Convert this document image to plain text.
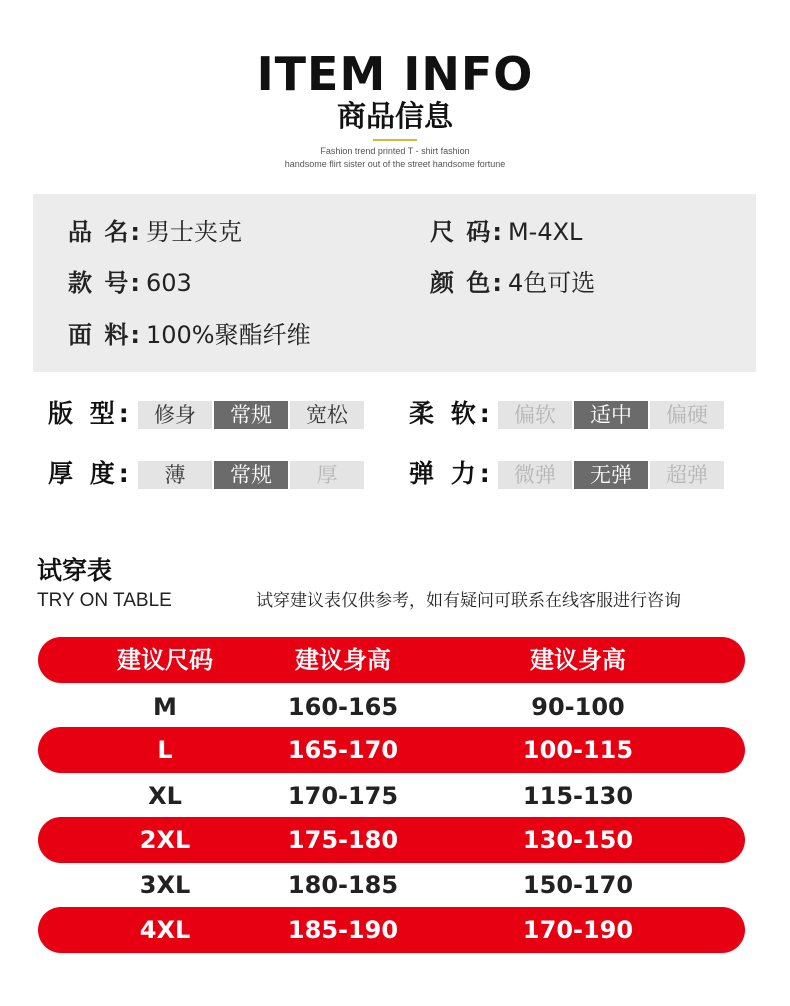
ITEM INFO
商品信息
Fashion trend printed T - shirt fashion
handsome flirt sister out of the street handsome fortune
品 名: 男士夹克	尺 码: M-4XL
款 号: 603	颜 色: 4色可选
面 料: 100%聚酯纤维
版 型:	修身	常规	宽松	柔 软: 偏软	适中	偏硬
厚 度:	薄	常规	厚	弹 力: 微弹	无弹	超弹
试穿表
TRY ON TABLE	试穿建议表仅供参考，如有疑问可联系在线客服进行咨询
建议尺码	建议身高	建议身高
M	160-165	90-100
L	165-170	100-115
XL	170-175	115-130
2XL	175-180	130-150
3XL	180-185	150-170
4XL	185-190	170-190
